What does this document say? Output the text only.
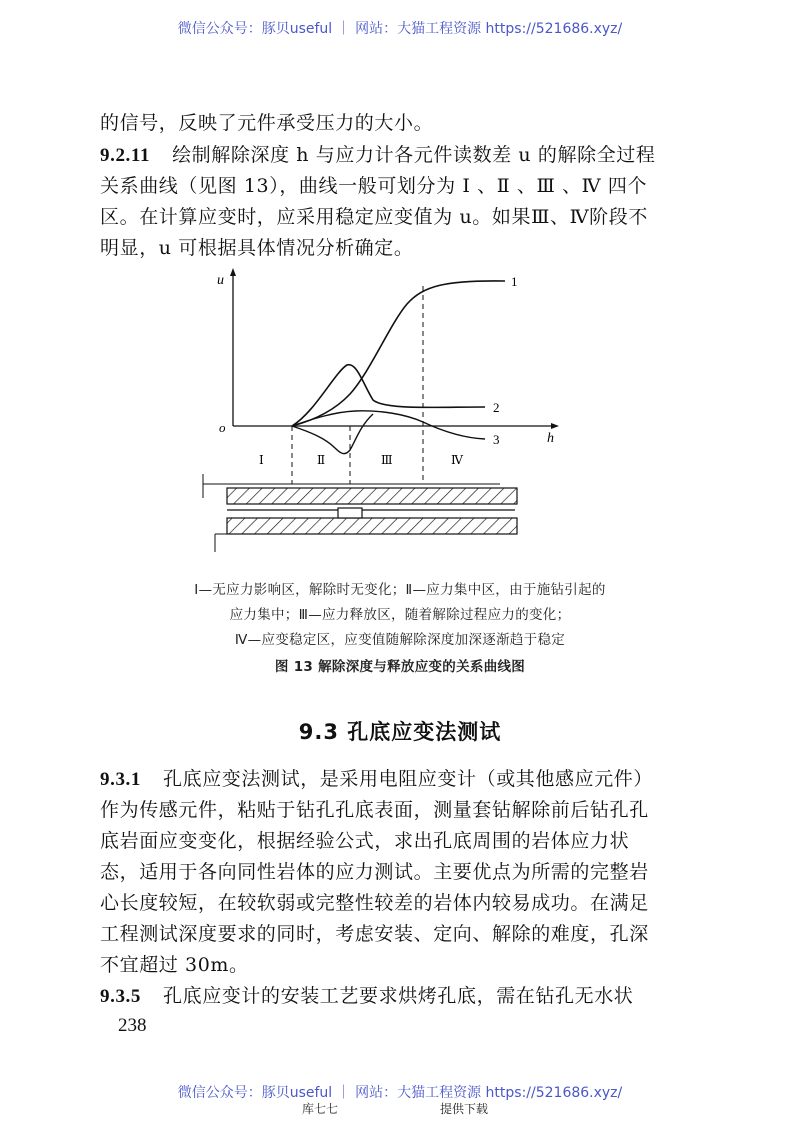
微信公众号：豚贝useful ｜ 网站：大猫工程资源 https://521686.xyz/
的信号，反映了元件承受压力的大小。
9.2.11 绘制解除深度 h 与应力计各元件读数差 u 的解除全过程
关系曲线（见图 13），曲线一般可划分为 Ⅰ 、Ⅱ 、Ⅲ 、Ⅳ 四个
区。在计算应变时，应采用稳定应变值为 u。如果Ⅲ、Ⅳ阶段不
明显，u 可根据具体情况分析确定。
u
h
o
1
2
3
Ⅰ	Ⅱ	Ⅲ	Ⅳ
Ⅰ—无应力影响区，解除时无变化；Ⅱ—应力集中区，由于施钻引起的
应力集中；Ⅲ—应力释放区，随着解除过程应力的变化；
Ⅳ—应变稳定区，应变值随解除深度加深逐渐趋于稳定
图 13 解除深度与释放应变的关系曲线图
9.3 孔底应变法测试
9.3.1 孔底应变法测试，是采用电阻应变计（或其他感应元件）
作为传感元件，粘贴于钻孔孔底表面，测量套钻解除前后钻孔孔
底岩面应变变化，根据经验公式，求出孔底周围的岩体应力状
态，适用于各向同性岩体的应力测试。主要优点为所需的完整岩
心长度较短，在较软弱或完整性较差的岩体内较易成功。在满足
工程测试深度要求的同时，考虑安装、定向、解除的难度，孔深
不宜超过 30m。
9.3.5 孔底应变计的安装工艺要求烘烤孔底，需在钻孔无水状
238
微信公众号：豚贝useful ｜ 网站：大猫工程资源 https://521686.xyz/
库七七	提供下载
